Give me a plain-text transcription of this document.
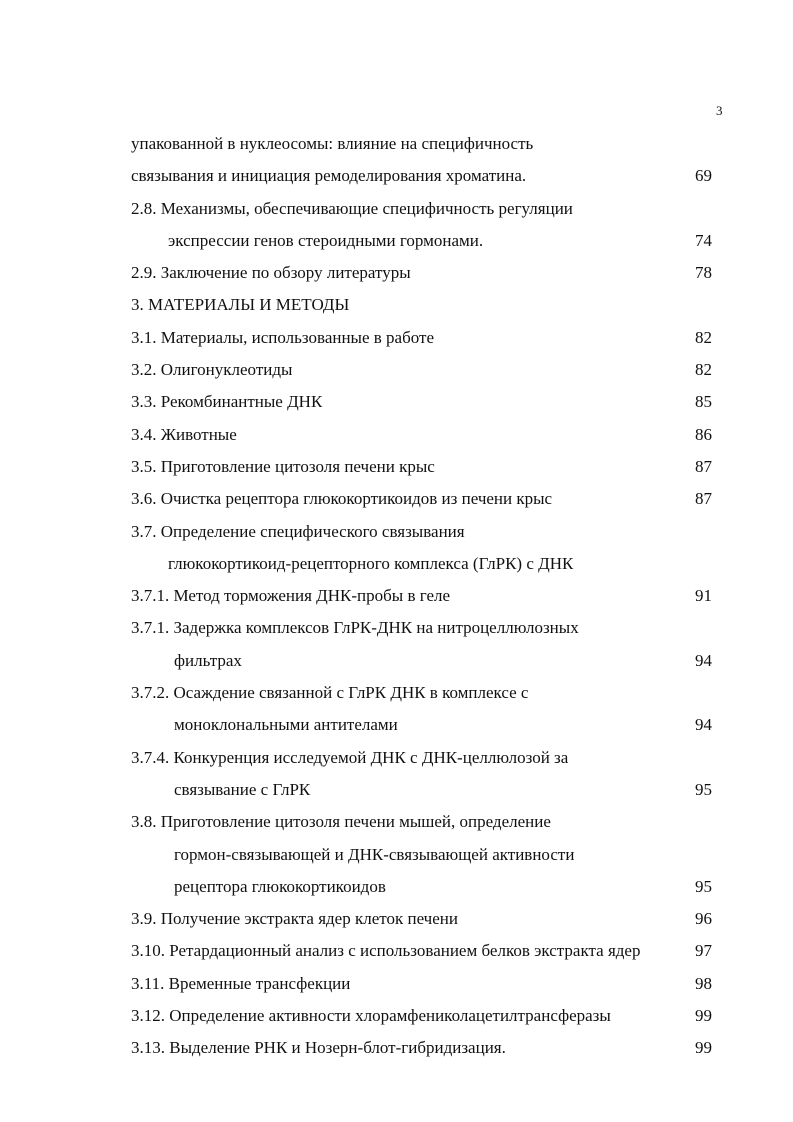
3
упакованной в нуклеосомы: влияние на специфичность
связывания и инициация ремоделирования хроматина.	69
2.8. Механизмы, обеспечивающие специфичность регуляции
экспрессии генов стероидными гормонами.	74
2.9. Заключение по обзору литературы	78
3. МАТЕРИАЛЫ И МЕТОДЫ
3.1. Материалы, использованные в работе	82
3.2. Олигонуклеотиды	82
3.3. Рекомбинантные ДНК	85
3.4. Животные	86
3.5. Приготовление цитозоля печени крыс	87
3.6. Очистка рецептора глюкокортикоидов из печени крыс	87
3.7. Определение специфического связывания
глюкокортикоид-рецепторного комплекса (ГлРК) с ДНК
3.7.1. Метод торможения ДНК-пробы в геле	91
3.7.1. Задержка комплексов ГлРК-ДНК на нитроцеллюлозных
фильтрах	94
3.7.2. Осаждение связанной с ГлРК ДНК в комплексе с
моноклональными антителами	94
3.7.4. Конкуренция исследуемой ДНК с ДНК-целлюлозой за
связывание с ГлРК	95
3.8. Приготовление цитозоля печени мышей, определение
гормон-связывающей и ДНК-связывающей активности
рецептора глюкокортикоидов	95
3.9. Получение экстракта ядер клеток печени	96
3.10. Ретардационный анализ с использованием белков экстракта ядер	97
3.11. Временные трансфекции	98
3.12. Определение активности хлорамфениколацетилтрансферазы	99
3.13. Выделение РНК и Нозерн-блот-гибридизация.	99
